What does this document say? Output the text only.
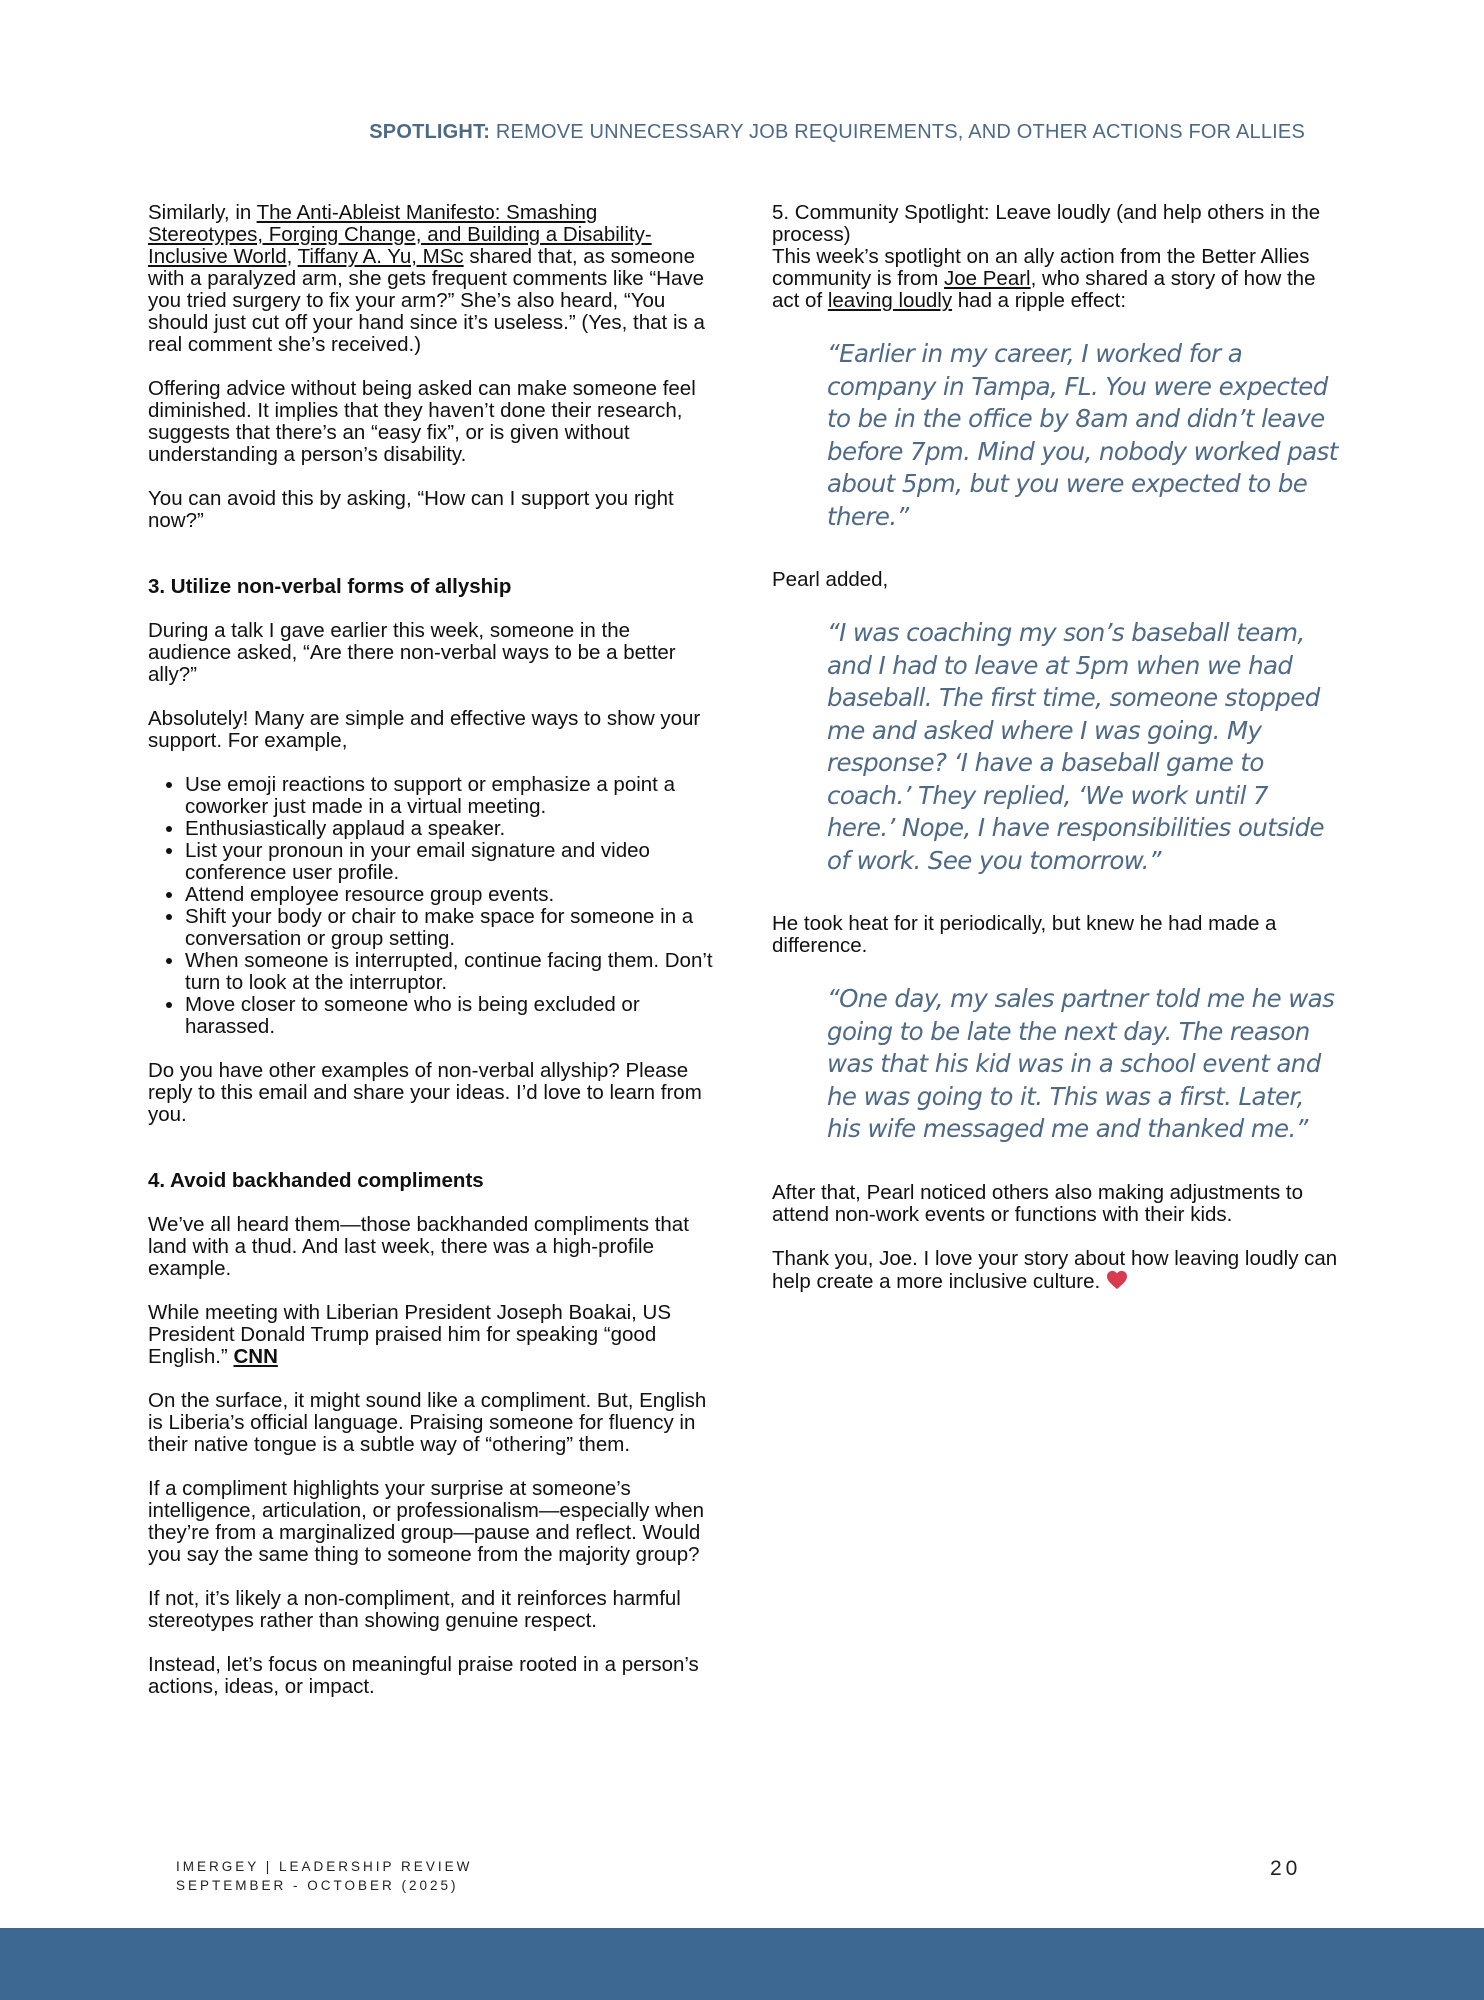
SPOTLIGHT: REMOVE UNNECESSARY JOB REQUIREMENTS, AND OTHER ACTIONS FOR ALLIES

Similarly, in The Anti-Ableist Manifesto: Smashing Stereotypes, Forging Change, and Building a Disability-Inclusive World, Tiffany A. Yu, MSc shared that, as someone with a paralyzed arm, she gets frequent comments like “Have you tried surgery to fix your arm?” She’s also heard, “You should just cut off your hand since it’s useless.” (Yes, that is a real comment she’s received.)

Offering advice without being asked can make someone feel diminished. It implies that they haven’t done their research, suggests that there’s an “easy fix”, or is given without understanding a person’s disability.

You can avoid this by asking, “How can I support you right now?”

3. Utilize non-verbal forms of allyship

During a talk I gave earlier this week, someone in the audience asked, “Are there non-verbal ways to be a better ally?”

Absolutely! Many are simple and effective ways to show your support. For example,

• Use emoji reactions to support or emphasize a point a coworker just made in a virtual meeting.
• Enthusiastically applaud a speaker.
• List your pronoun in your email signature and video conference user profile.
• Attend employee resource group events.
• Shift your body or chair to make space for someone in a conversation or group setting.
• When someone is interrupted, continue facing them. Don’t turn to look at the interruptor.
• Move closer to someone who is being excluded or harassed.

Do you have other examples of non-verbal allyship? Please reply to this email and share your ideas. I’d love to learn from you.

4. Avoid backhanded compliments

We’ve all heard them—those backhanded compliments that land with a thud. And last week, there was a high-profile example.

While meeting with Liberian President Joseph Boakai, US President Donald Trump praised him for speaking “good English.” CNN

On the surface, it might sound like a compliment. But, English is Liberia’s official language. Praising someone for fluency in their native tongue is a subtle way of “othering” them.

If a compliment highlights your surprise at someone’s intelligence, articulation, or professionalism—especially when they’re from a marginalized group—pause and reflect. Would you say the same thing to someone from the majority group?

If not, it’s likely a non-compliment, and it reinforces harmful stereotypes rather than showing genuine respect.

Instead, let’s focus on meaningful praise rooted in a person’s actions, ideas, or impact.

5. Community Spotlight: Leave loudly (and help others in the process)

This week’s spotlight on an ally action from the Better Allies community is from Joe Pearl, who shared a story of how the act of leaving loudly had a ripple effect:

“Earlier in my career, I worked for a company in Tampa, FL. You were expected to be in the office by 8am and didn’t leave before 7pm. Mind you, nobody worked past about 5pm, but you were expected to be there.”

Pearl added,

“I was coaching my son’s baseball team, and I had to leave at 5pm when we had baseball. The first time, someone stopped me and asked where I was going. My response? ‘I have a baseball game to coach.’ They replied, ‘We work until 7 here.’ Nope, I have responsibilities outside of work. See you tomorrow.”

He took heat for it periodically, but knew he had made a difference.

“One day, my sales partner told me he was going to be late the next day. The reason was that his kid was in a school event and he was going to it. This was a first. Later, his wife messaged me and thanked me.”

After that, Pearl noticed others also making adjustments to attend non-work events or functions with their kids.

Thank you, Joe. I love your story about how leaving loudly can help create a more inclusive culture.

IMERGEY | LEADERSHIP REVIEW
SEPTEMBER - OCTOBER (2025)
20
